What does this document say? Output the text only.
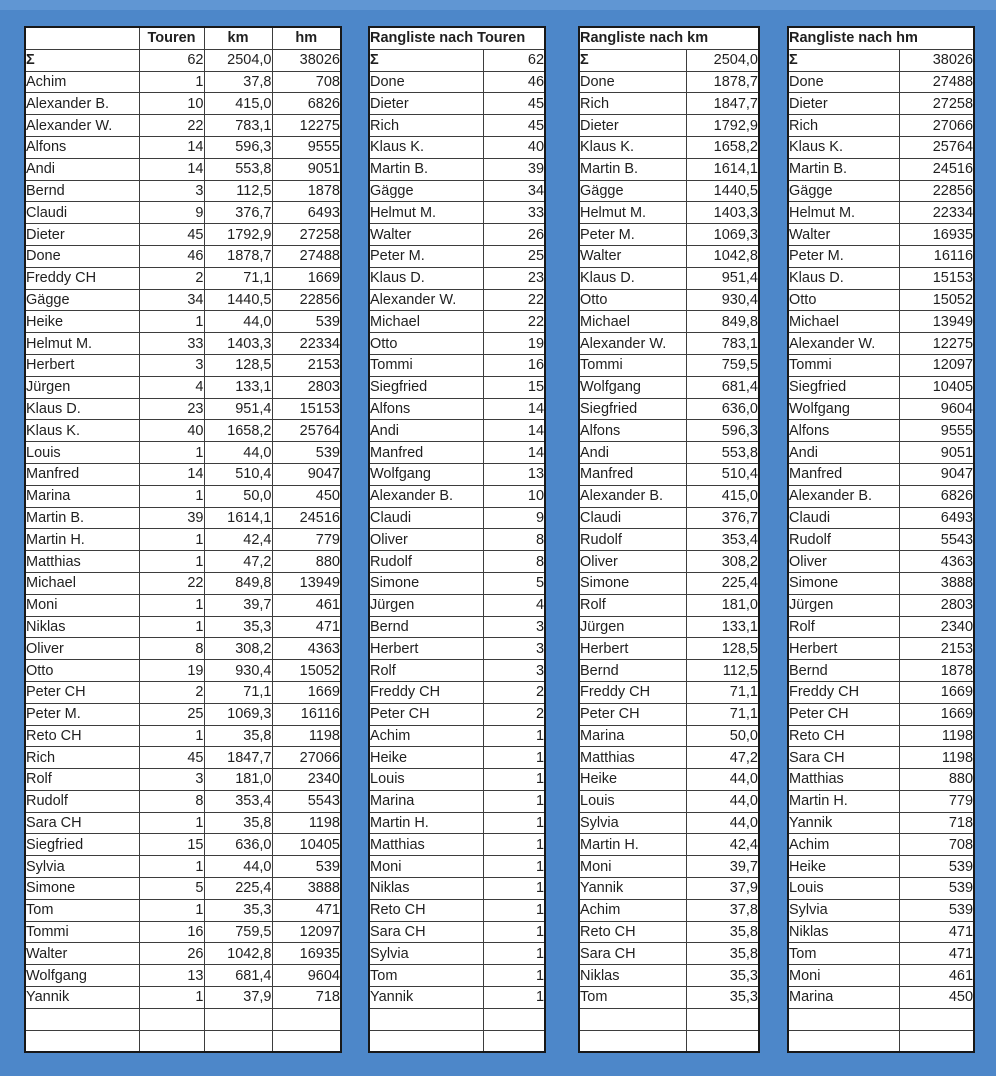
	Touren	km	hm
Σ	62	2504,0	38026
Achim	1	37,8	708
Alexander B.	10	415,0	6826
Alexander W.	22	783,1	12275
Alfons	14	596,3	9555
Andi	14	553,8	9051
Bernd	3	112,5	1878
Claudi	9	376,7	6493
Dieter	45	1792,9	27258
Done	46	1878,7	27488
Freddy CH	2	71,1	1669
Gägge	34	1440,5	22856
Heike	1	44,0	539
Helmut M.	33	1403,3	22334
Herbert	3	128,5	2153
Jürgen	4	133,1	2803
Klaus D.	23	951,4	15153
Klaus K.	40	1658,2	25764
Louis	1	44,0	539
Manfred	14	510,4	9047
Marina	1	50,0	450
Martin B.	39	1614,1	24516
Martin H.	1	42,4	779
Matthias	1	47,2	880
Michael	22	849,8	13949
Moni	1	39,7	461
Niklas	1	35,3	471
Oliver	8	308,2	4363
Otto	19	930,4	15052
Peter CH	2	71,1	1669
Peter M.	25	1069,3	16116
Reto CH	1	35,8	1198
Rich	45	1847,7	27066
Rolf	3	181,0	2340
Rudolf	8	353,4	5543
Sara CH	1	35,8	1198
Siegfried	15	636,0	10405
Sylvia	1	44,0	539
Simone	5	225,4	3888
Tom	1	35,3	471
Tommi	16	759,5	12097
Walter	26	1042,8	16935
Wolfgang	13	681,4	9604
Yannik	1	37,9	718

Rangliste nach Touren	
Σ	62
Done	46
Dieter	45
Rich	45
Klaus K.	40
Martin B.	39
Gägge	34
Helmut M.	33
Walter	26
Peter M.	25
Klaus D.	23
Alexander W.	22
Michael	22
Otto	19
Tommi	16
Siegfried	15
Alfons	14
Andi	14
Manfred	14
Wolfgang	13
Alexander B.	10
Claudi	9
Oliver	8
Rudolf	8
Simone	5
Jürgen	4
Bernd	3
Herbert	3
Rolf	3
Freddy CH	2
Peter CH	2
Achim	1
Heike	1
Louis	1
Marina	1
Martin H.	1
Matthias	1
Moni	1
Niklas	1
Reto CH	1
Sara CH	1
Sylvia	1
Tom	1
Yannik	1

Rangliste nach km	
Σ	2504,0
Done	1878,7
Rich	1847,7
Dieter	1792,9
Klaus K.	1658,2
Martin B.	1614,1
Gägge	1440,5
Helmut M.	1403,3
Peter M.	1069,3
Walter	1042,8
Klaus D.	951,4
Otto	930,4
Michael	849,8
Alexander W.	783,1
Tommi	759,5
Wolfgang	681,4
Siegfried	636,0
Alfons	596,3
Andi	553,8
Manfred	510,4
Alexander B.	415,0
Claudi	376,7
Rudolf	353,4
Oliver	308,2
Simone	225,4
Rolf	181,0
Jürgen	133,1
Herbert	128,5
Bernd	112,5
Freddy CH	71,1
Peter CH	71,1
Marina	50,0
Matthias	47,2
Heike	44,0
Louis	44,0
Sylvia	44,0
Martin H.	42,4
Moni	39,7
Yannik	37,9
Achim	37,8
Reto CH	35,8
Sara CH	35,8
Niklas	35,3
Tom	35,3

Rangliste nach hm	
Σ	38026
Done	27488
Dieter	27258
Rich	27066
Klaus K.	25764
Martin B.	24516
Gägge	22856
Helmut M.	22334
Walter	16935
Peter M.	16116
Klaus D.	15153
Otto	15052
Michael	13949
Alexander W.	12275
Tommi	12097
Siegfried	10405
Wolfgang	9604
Alfons	9555
Andi	9051
Manfred	9047
Alexander B.	6826
Claudi	6493
Rudolf	5543
Oliver	4363
Simone	3888
Jürgen	2803
Rolf	2340
Herbert	2153
Bernd	1878
Freddy CH	1669
Peter CH	1669
Reto CH	1198
Sara CH	1198
Matthias	880
Martin H.	779
Yannik	718
Achim	708
Heike	539
Louis	539
Sylvia	539
Niklas	471
Tom	471
Moni	461
Marina	450
